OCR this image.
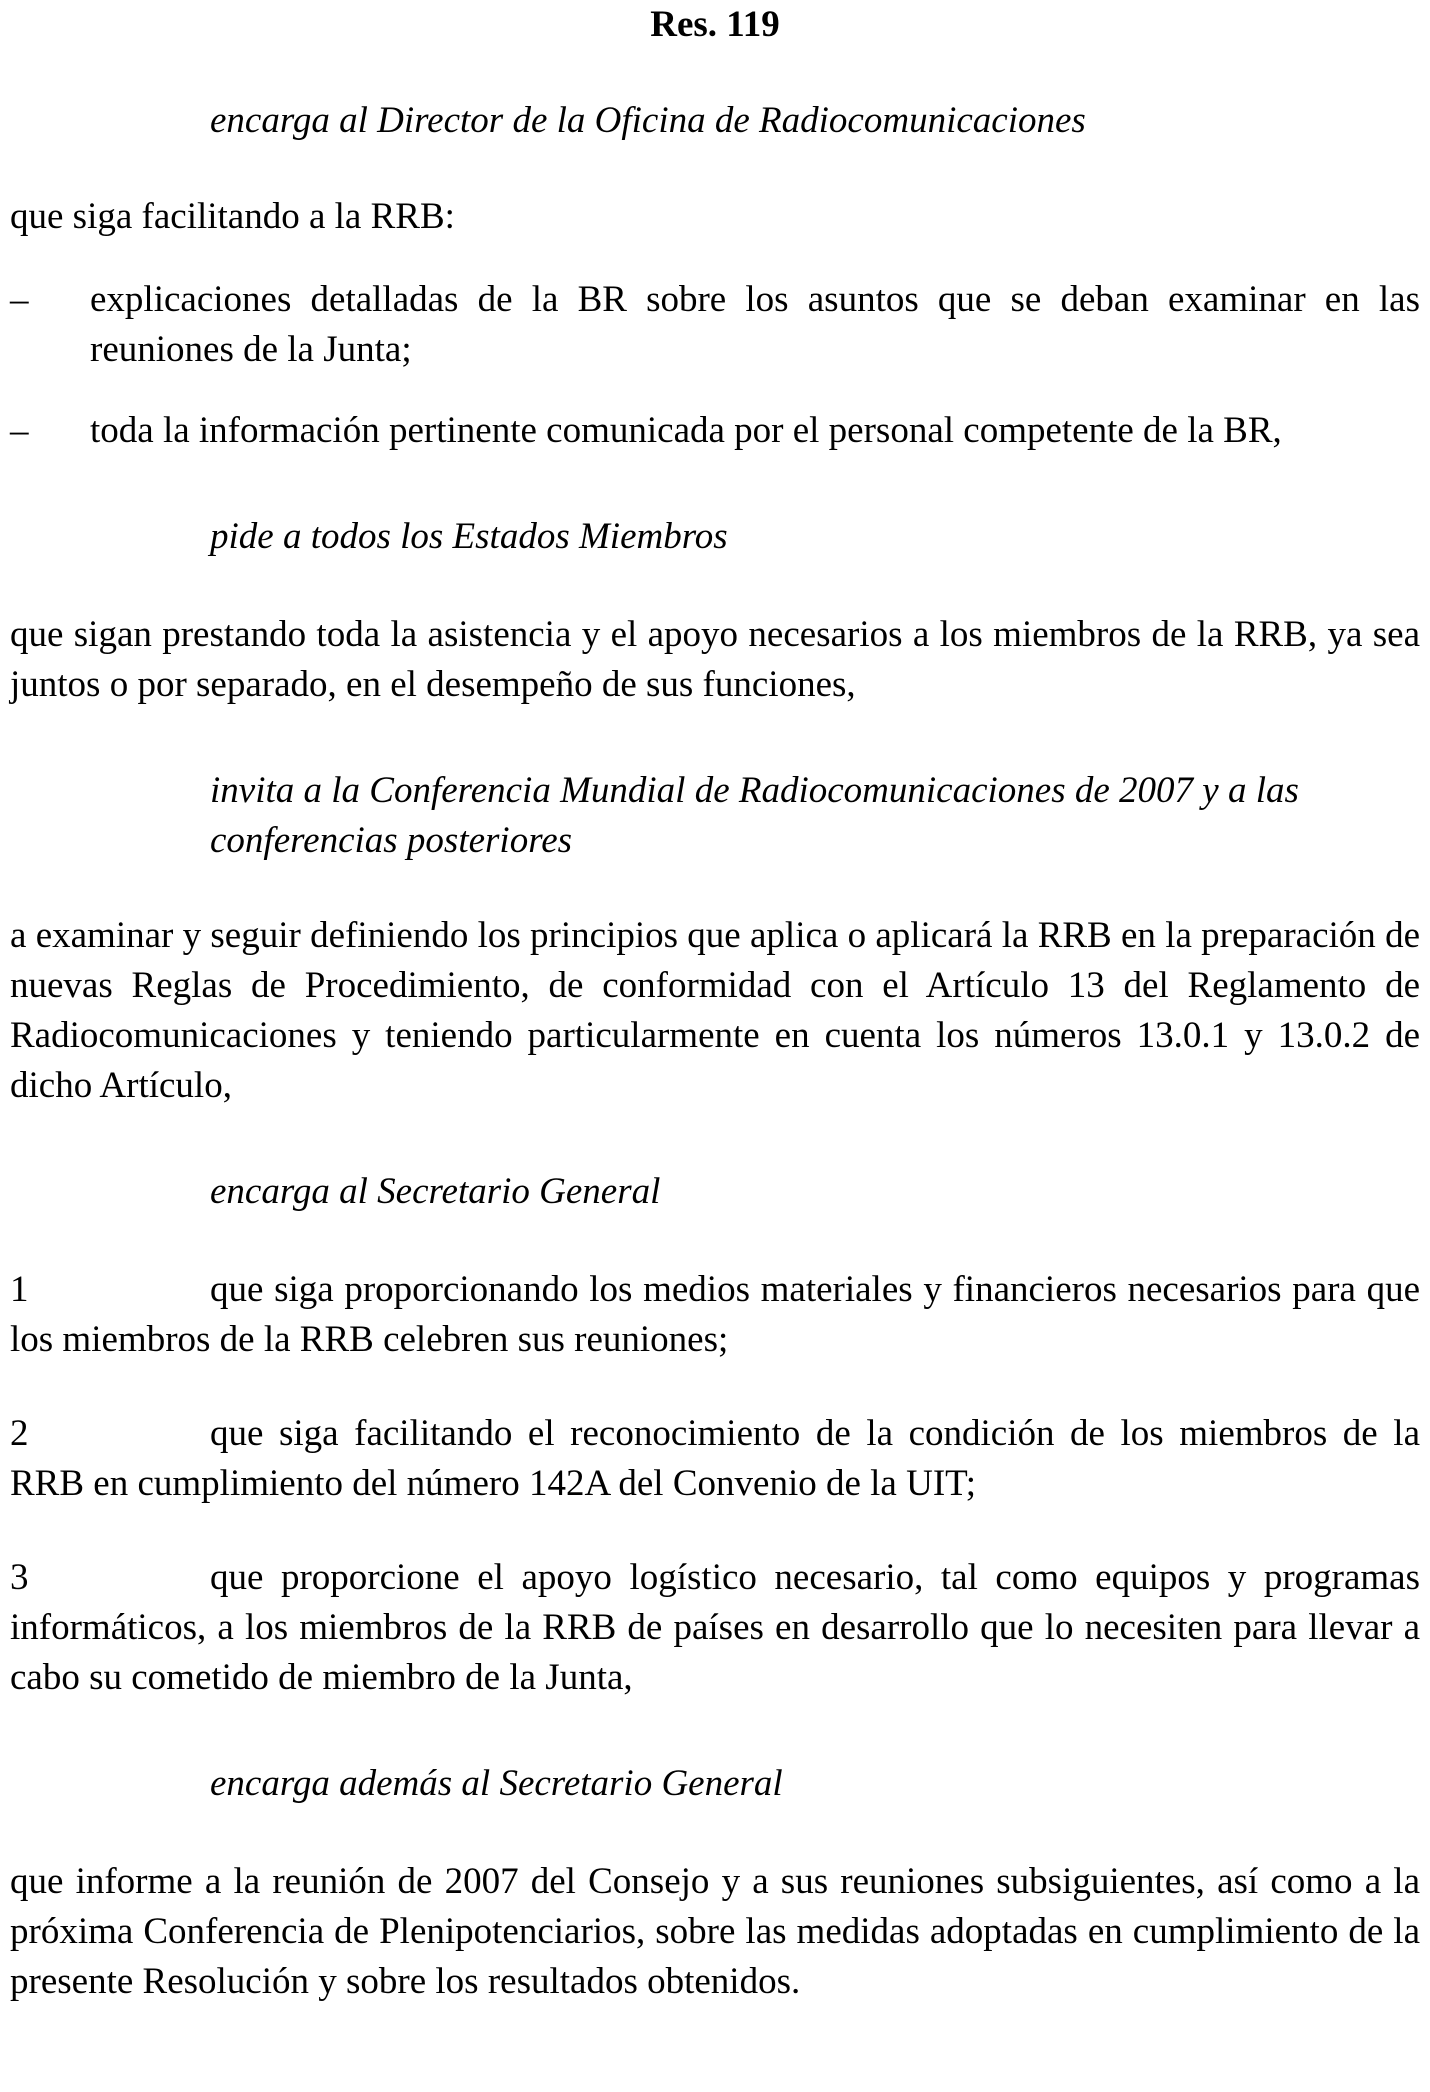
Res. 119
encarga al Director de la Oficina de Radiocomunicaciones
que siga facilitando a la RRB:
– explicaciones detalladas de la BR sobre los asuntos que se deban examinar en las reuniones de la Junta;
– toda la información pertinente comunicada por el personal competente de la BR,
pide a todos los Estados Miembros
que sigan prestando toda la asistencia y el apoyo necesarios a los miembros de la RRB, ya sea juntos o por separado, en el desempeño de sus funciones,
invita a la Conferencia Mundial de Radiocomunicaciones de 2007 y a las conferencias posteriores
a examinar y seguir definiendo los principios que aplica o aplicará la RRB en la preparación de nuevas Reglas de Procedimiento, de conformidad con el Artículo 13 del Reglamento de Radiocomunicaciones y teniendo particularmente en cuenta los números 13.0.1 y 13.0.2 de dicho Artículo,
encarga al Secretario General
1	que siga proporcionando los medios materiales y financieros necesarios para que los miembros de la RRB celebren sus reuniones;
2	que siga facilitando el reconocimiento de la condición de los miembros de la RRB en cumplimiento del número 142A del Convenio de la UIT;
3	que proporcione el apoyo logístico necesario, tal como equipos y programas informáticos, a los miembros de la RRB de países en desarrollo que lo necesiten para llevar a cabo su cometido de miembro de la Junta,
encarga además al Secretario General
que informe a la reunión de 2007 del Consejo y a sus reuniones subsiguientes, así como a la próxima Conferencia de Plenipotenciarios, sobre las medidas adoptadas en cumplimiento de la presente Resolución y sobre los resultados obtenidos.
